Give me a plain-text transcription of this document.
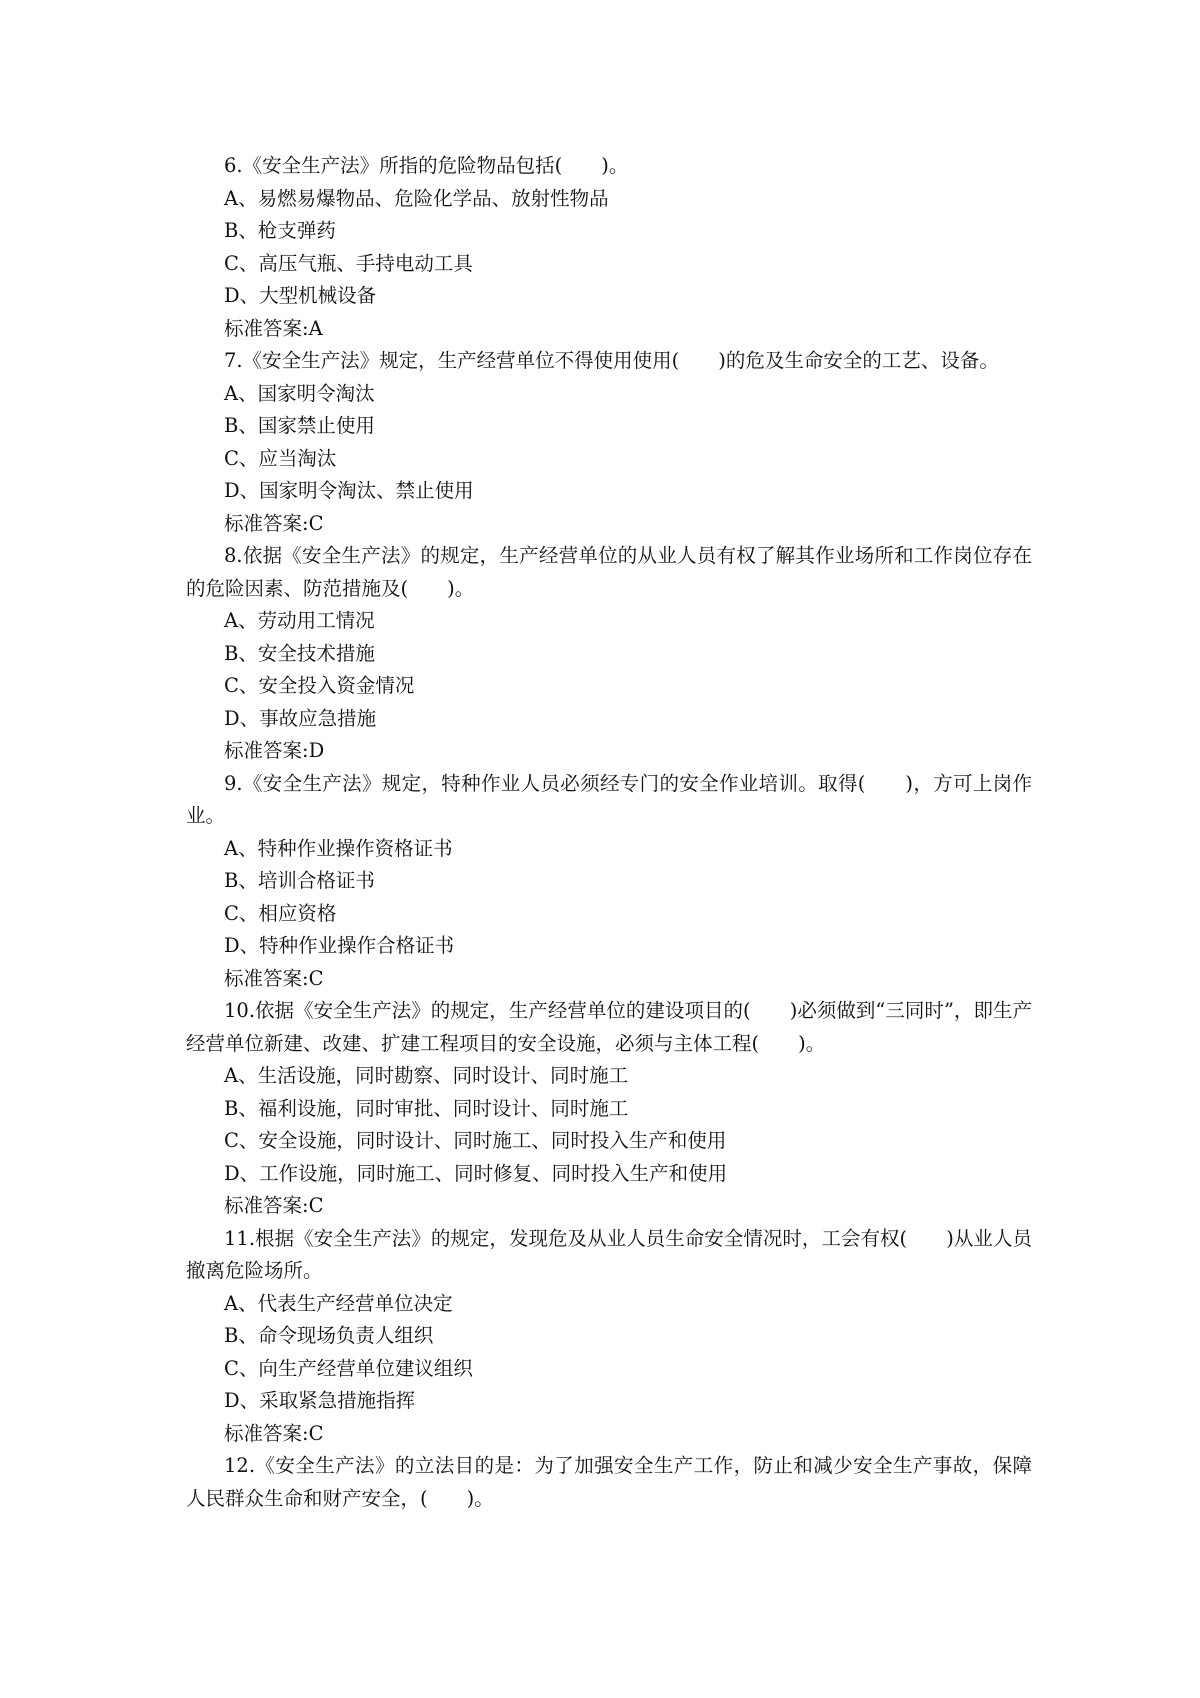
6.《安全生产法》所指的危险物品包括(　　)。

A、易燃易爆物品、危险化学品、放射性物品

B、枪支弹药

C、高压气瓶、手持电动工具

D、大型机械设备

标准答案:A

7.《安全生产法》规定，生产经营单位不得使用使用(　　)的危及生命安全的工艺、设备。

A、国家明令淘汰

B、国家禁止使用

C、应当淘汰

D、国家明令淘汰、禁止使用

标准答案:C

8.依据《安全生产法》的规定，生产经营单位的从业人员有权了解其作业场所和工作岗位存在的危险因素、防范措施及(　　)。

A、劳动用工情况

B、安全技术措施

C、安全投入资金情况

D、事故应急措施

标准答案:D

9.《安全生产法》规定，特种作业人员必须经专门的安全作业培训。取得(　　)，方可上岗作业。

A、特种作业操作资格证书

B、培训合格证书

C、相应资格

D、特种作业操作合格证书

标准答案:C

10.依据《安全生产法》的规定，生产经营单位的建设项目的(　　)必须做到“三同时”，即生产经营单位新建、改建、扩建工程项目的安全设施，必须与主体工程(　　)。

A、生活设施，同时勘察、同时设计、同时施工

B、福利设施，同时审批、同时设计、同时施工

C、安全设施，同时设计、同时施工、同时投入生产和使用

D、工作设施，同时施工、同时修复、同时投入生产和使用

标准答案:C

11.根据《安全生产法》的规定，发现危及从业人员生命安全情况时，工会有权(　　)从业人员撤离危险场所。

A、代表生产经营单位决定

B、命令现场负责人组织

C、向生产经营单位建议组织

D、采取紧急措施指挥

标准答案:C

12.《安全生产法》的立法目的是：为了加强安全生产工作，防止和减少安全生产事故，保障人民群众生命和财产安全，(　　)。
